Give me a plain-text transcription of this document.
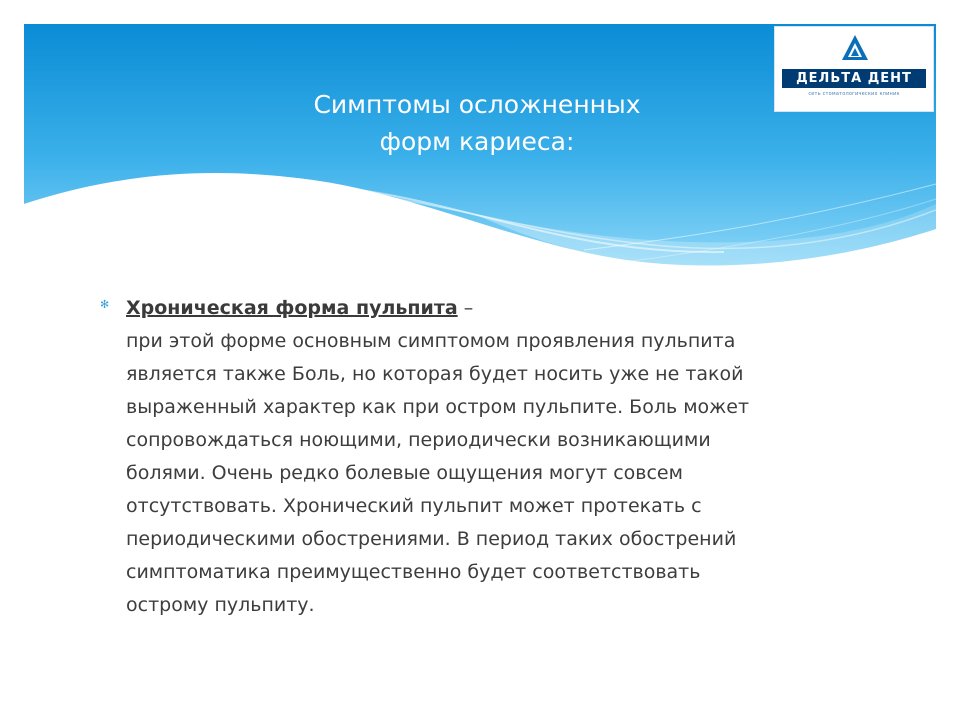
Симптомы осложненных
форм кариеса:
ДЕЛЬТА ДЕНТ
сеть стоматологических клиник
✻ Хроническая форма пульпита –
при этой форме основным симптомом проявления пульпита
является также Боль, но которая будет носить уже не такой
выраженный характер как при остром пульпите. Боль может
сопровождаться ноющими, периодически возникающими
болями. Очень редко болевые ощущения могут совсем
отсутствовать. Хронический пульпит может протекать с
периодическими обострениями. В период таких обострений
симптоматика преимущественно будет соответствовать
острому пульпиту.
